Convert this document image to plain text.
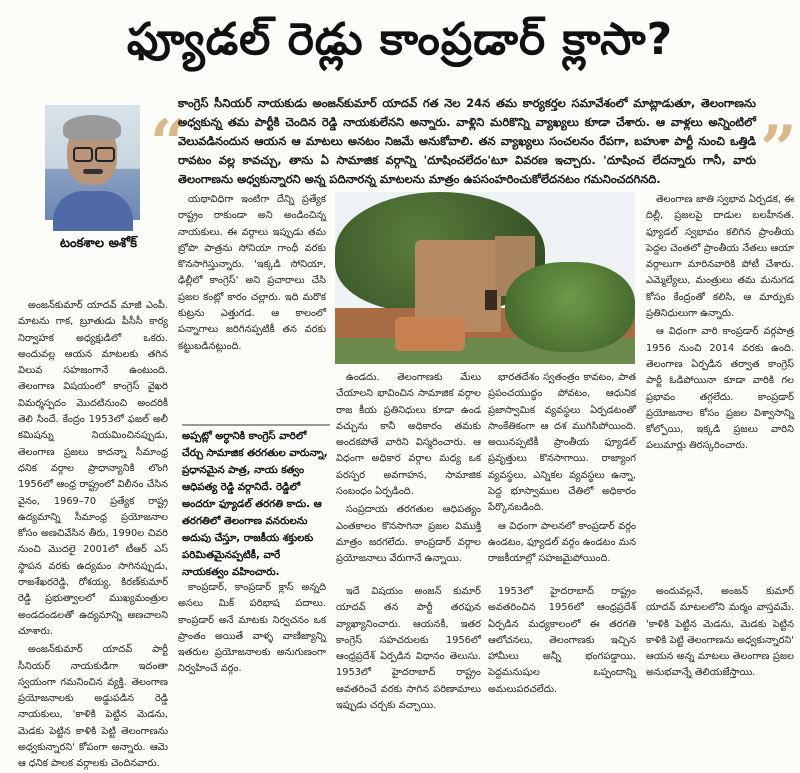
ఫ్యూడల్ రెడ్లు కాంప్రడార్ క్లాసా?
టంకశాల అశోక్
“
కాంగ్రెస్ సీనియర్ నాయకుడు అంజన్‌కుమార్ యాదవ్ గత నెల 24న తమ కార్యకర్తల సమావేశంలో మాట్లాడుతూ, తెలంగాణను అధ్వకున్న తమ పార్టీకి చెందిన రెడ్డి నాయకులేనని అన్నారు. వాళ్లిని మరికొన్ని వ్యాఖ్యలు కూడా చేశారు. ఆ వాళ్లలు అన్నింటిలో వెలువడినందున ఆయన ఆ మాటలు అనటం నిజమే అనుకోవాలి. తన వ్యాఖ్యలు సంచలనం రేపగా, బహుశా పార్టీ నుంచి ఒత్తిడి రావటం వల్ల కావచ్చు, తాను ఏ సామాజిక వర్గాన్ని 'దూషించలేదం'టూ వివరణ ఇచ్చారు. 'దూషించ లేదన్నారు గానీ, వారు తెలంగాణను అధ్వకున్నారని అన్న పదినారన్న మాటలను మాత్రం ఉపసంహరించుకోలేదనటం గమనించదగినది.	”

అంజన్‌కుమార్ యాదవ్ మాజీ ఎంపీ. మాటను గాక, బ్రూతుడు పీసీసీ కార్య నిర్వాహక అధ్యక్షుడిలో ఒకరు. అందువల్ల ఆయన మాటలకు తగిన విలువ సహజంగానే ఉంటుంది. తెలంగాణ విషయంలో కాంగ్రెస్ వైఖరి విమర్శస్పదం మొదటినుంచి అందరికీ తెలి సిందే. కేంద్రం 1953లో ఫజల్ అలీ కమిషన్ను నియమించినప్పుడు, తెలంగాణ ప్రజలు కాదన్నా సీమాంధ్ర ధనిక వర్గాల ప్రాధాన్యానికి లొంగి 1956లో ఆంధ్ర రాష్ట్రంలో విలీనం చేసిన వైనం, 1969–70 ప్రత్యేక రాష్ట్ర ఉద్యమాన్ని సీమాంధ్ర ప్రయోజనాల కోసం అణచివేసిన తీరు, 1990ల చివరి నుంచి మొదలై 2001లో టీఆర్ ఎస్ స్థాపన వరకు ఉద్యమం సాగినప్పుడు, రాజశేఖరరెడ్డి, రోశయ్య, కిరణ్‌కుమార్ రెడ్డి ప్రభుత్వాలలో ముఖ్యమంత్రుల అండదండలతో ఉద్యమాన్ని అణచాలని చూశారు.

అంజన్‌కుమార్ యాదవ్ పార్టీ సీనియర్ నాయకుడిగా ఇదంతా స్వయంగా గమనించిన వ్యక్తి. తెలంగాణ ప్రయోజనాలకు అడ్డుపడిన రెడ్డి నాయకులు, 'కాళికి పెట్టిన మెడను, మెడకు పెట్టిన కాళికి పెట్టి తెలంగాణను అధ్వకున్నారని' కోపంగా అన్నారు. ఆమె ఆ ధనిక పాలక వర్గాలకు చెందినవారు.

యథావిధిగా ఇంటిగా దేన్ని ప్రత్యేక రాష్ట్రం రాకుండా అని అండించిన్న నాయకులు. ఈ వర్గాలు ఇప్పుడు తమ బ్రోపొ పాత్రను సోనియా గాంధీ వరకు కొనసాగిస్తున్నారు. 'ఇక్కడి సోనియా, ఢిల్లీలో కాంగ్రెస్' అని ప్రచారాలు చేసి ప్రజల కంట్లో కారం చల్లారు. ఇది మరొక కుట్రను ఎత్తుగడ. ఆ కాలంలో పన్నాగాలు జరిగినప్పటికీ తన వరకు కట్టుబడినట్లుంది.

అప్పట్లో అర్ధానికి కాంగ్రెస్ వారిలో చేర్చు సామాజిక తరగతుల వారున్నా, ప్రధానమైన పాత్ర, నాయ కత్వం ఆధిపత్య రెడ్డి వర్గానిదే. రెడ్డిలో అందరూ ఫ్యూడల్ తరగతి కాదు. ఆ తరగతిలో తెలంగాణ వనరులను అదుపు చేస్తూ, రాజకీయ శక్తులకు పరిమితమైనప్పటికీ, వారే నాయకత్వం వహించారు.

ఉండదు. తెలంగాణకు మేలు చేయాలని భావించిన సామాజిక వర్గాల రాజ కీయ ప్రతినిధులు కూడా ఉండ వచ్చును కానీ అధికారం తమకు అందకపోతే వారిని విస్మరించారు. ఆ విధంగా అధికార వర్గాల మధ్య ఒక పరస్పర అవగాహన, సామాజిక సంబంధం ఏర్పడింది.

సంప్రదాయ తరగతుల ఆధిపత్యం ఎంతకాలం కొనసాగినా ప్రజల విముక్తి మాత్రం జరగలేదు. కాంప్రడార్ వర్గాల ప్రయోజనాలు వేరుగానే ఉన్నాయి.

భారతదేశం స్వతంత్రం కావటం, పాత ప్రపంచయుద్ధం పోవటం, ఆధునిక ప్రజాస్వామిక వ్యవస్థలు ఏర్పడటంతో సాంకేతికంగా ఆ దశ ముగిసిపోయింది. అయినప్పటికీ ప్రాంతీయ ఫ్యూడల్ ప్రవృత్తులు కొనసాగాయి. రాజ్యాంగ వ్యవస్థలు, ఎన్నికల వ్యవస్థలు ఉన్నా, పెద్ద భూస్వాముల చేతిలో అధికారం పేర్కొనబడింది.

ఆ విధంగా పాలనలో కాంప్రడార్ వర్గం ఉండటం, ఫ్యూడల్ వర్గం ఉండటం మన రాజకీయాల్లో సహజమైపోయింది.

తెలంగాణ జాతి స్వభావ ఏర్పడక, ఈ దిల్లీ, ప్రజలపై దాడుల బలహీనత. ఫ్యూడల్ స్వభావం కలిగిన ప్రాంతీయ పెద్దల చెంతలో ప్రాంతీయ నేతలు ఆయా వర్గాలుగా మారినవారికి పోటీ చేశారు. ఎమ్మెల్యేలు, మంత్రులు తమ మనుగడ కోసం కేంద్రంతో కలిసి, ఆ మార్పుకు ప్రతినిధులుగా ఉన్నారు.

ఆ విధంగా వారి కాంప్రడార్ వర్గపాత్ర 1956 నుంచి 2014 వరకు ఉంది. తెలంగాణ ఏర్పడిన తర్వాత కాంగ్రెస్ పార్టీ ఓడిపోయినా కూడా వారికి గల ప్రభావం తగ్గలేదు. కాంప్రడార్ ప్రయోజనాల కోసం ప్రజల విశ్వాసాన్ని కోల్పోయి, ఇక్కడి ప్రజలు వారిని పలుమార్లు తిరస్కరించారు.

కాంప్రడార్, కాంప్రడార్ క్లాస్ అన్నది అసలు మిక్ పరిభాష పదాలు. కాంప్రడార్ అనే మాటకు నిర్వచనం ఒక ప్రాంతం అయితే వాళ్ళ వాణిజ్యాన్ని ఇతరుల ప్రయోజనాలకు అనుగుణంగా నిర్వహించే వర్గం.

ఇదే విషయం అంజన్ కుమార్ యాదవ్ తన పార్టీ తరఫున వ్యాఖ్యానించారు. ఆయనకీ, ఇతర కాంగ్రెస్ సహచరులకు 1956లో ఆంధ్రప్రదేశ్ ఏర్పడిన విధానం తెలుసు. 1953లో హైదరాబాద్ రాష్ట్రం ఆవతరించే వరకు సాగిన పరిణామాలు ఇప్పుడు చర్చకు వచ్చాయి.

1953లో హైదరాబాద్ రాష్ట్రం అవతరించిన 1956లో ఆంధ్రప్రదేశ్ ఏర్పడిన మధ్యకాలంలో ఈ తరగతి ఆలోచనలు, తెలంగాణకు ఇచ్చిన హామీలు అన్నీ భంగపడ్డాయి. పెద్దమనుషుల ఒప్పందాన్ని అమలుపరచలేదు.

అందువల్లనే, అంజన్ కుమార్ యాదవ్ మాటలలోని మర్మం వాస్తవమే. 'కాళికి పెట్టిన మెడను, మెడకు పెట్టిన కాళికి పెట్టి తెలంగాణను అధ్వకున్నారని' ఆయన అన్న మాటలు తెలంగాణ ప్రజల అనుభవాన్నే తెలియజేస్తాయి.
